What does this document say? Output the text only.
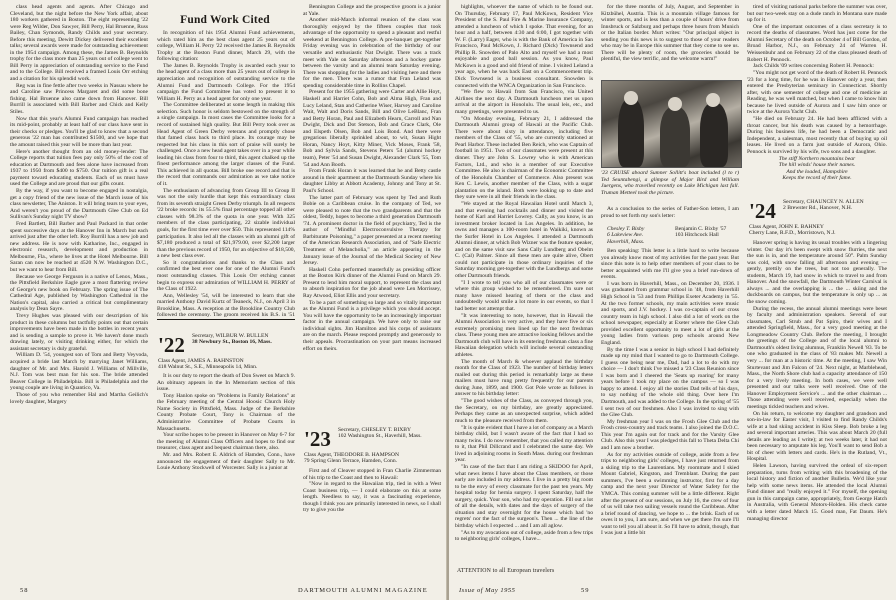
class head agents and agents. After Chicago and Cleveland, but the night before the New York affair, about 180 workers gathered in Boston. The eight representing '22 were Reg Wilder, Don Sawyer, Bill Perry, Hal Bruenne, Russ Bailey, Chan Symonds, Randy Childs and your secretary. Before this meeting, Dewitt Dickey delivered their excellent talks; several awards were made for outstanding achievement in the 1954 campaign. Among these, the James B. Reynolds trophy for the class more than 25 years out of college went to Bill Perry in appreciation of outstanding service to the Fund and to the College. Bill received a framed Louis Orr etching and a citation for his splendid work.

Reg was in fine fettle after two weeks in Nassau where he and Caroline saw Princess Margaret and did some bone fishing. Hal Bruenne also came down from Hanover. Bill Burrill is associated with Bill Barber and Chick and Kelly Stiles.

Now that this year's Alumni Fund campaign has reached its mid-point, probably at least half of our class have sent in their checks or pledges. You'll be glad to know that a second generous '22 man has contributed $1500, and we hope that the amount raised this year will be more than last year.

Here's another thought from an old money-lender: The College reports that tuition fees pay only 50% of the cost of education at Dartmouth and fees alone have increased from 1937 to 1950 from $400 to $750. Our tuition gift is a real payment toward educating students. Each of us must have used the College and are proud that our gifts count.

By the way, if you want to become engaged in nostalgia, get a copy friend of the new issue of the March issue of his class newsletter, The Aniston. It will bring tears to your eyes, And weren't you proud of the Dartmouth Glee Club on Ed Sullivan's Sunday night TV show?

Fred Bartlett, Bill Barber and Paul Packard in that order spent successive days at the Hanover Inn in March but each arrived just after the other left. Roy Burrill has a new job and new address. He is now with Katharine, Inc., engaged in electronic research, development and production in Melbourne, Fla., where he lives at the Hotel Melbourne. Bill Saran can now be reached at 4520 N.W. Washington D.C., but we want to hear from Bill.

Because we George Ferguson is a native of Lenox, Mass., the Pittsfield Berkshire Eagle gave a most flattering review of George's new book on February. The spring issue of The Cathedral Age, published by Washington Cathedral in the Nation's capital, also carried a critical but complimentary analysis by Dean Sayre.

Trevy Hughes was pleased with our description of his product in these columns but tactfully points out that certain improvements have been made in the bottles in recent years and is sending a sample to prove it. We haven't done much drawing lately, or visiting drinking either, for which the assistant secretary is duly grateful.

William D. '54, youngest son of Tom and Betty Veyvoda, acquired a bride last March by marrying Janet Williams, daughter of Mr. and Mrs. Harold J. Williams of Millville, N.J. Tom was best man for his son. The bride attended Beaver College in Philadelphia. Bill is Philadelphia and the young couple are living in Quantico, Va.

Those of you who remember Hal and Martha Geilich's lovely daughter, Margery

Fund Work Cited

In recognition of his 1954 Alumni Fund achievements, which rated him as the best class agent 25 years out of college, William H. Perry '22 received the James B. Reynolds Trophy at the Boston Fund dinner, March 29, with the following citation:

The James B. Reynolds Trophy is awarded each year to the head agent of a class more than 25 years out of college in appreciation and recognition of outstanding service to the Alumni Fund and Dartmouth College. For the 1954 campaign the Fund Committee has voted to present it to William H. Perry as a head agent for only one year.

The Committee deliberated at some length in making this selection. Such honor is seldom bestowed on the strength of a single campaign. In most cases the Committee looks for a record of sustained high quality. But Bill Perry took over as Head Agent of Green Derby veterans and promptly chose that famed class back to third place. Its courage may be respected but his class in this sort of praise will surely be challenged. Once a new head agent takes over in a year while leading his class from four to third, this agent chalked up the finest performance among the larger classes of the Fund. This achieved in all quotas. Bill broke one record and that is the record that commands our admiration as we take notice of it.

The enthusiasm of advancing from Group III to Group II was not the only hurdle that kept this extraordinary class from its seventh straight Green Derby triumph. In all respects '22 broke records: its 55.5% final percentage topped all other classes with 98.3% of the quota in one year. With 325 members of the class participating, 22 sizable individual goals, for the first time ever over $50. This represented 114% participation. It also led all the classes with an alumni gift of $7,180 produced a total of $21,979.00, over $2,200 larger than the previous record of 1950, for an objective of $18,500, a new best class ever.

So it congratulations and thanks to the Class and confirmed the best ever one for one of the Alumni Fund's most outstanding classes. This Louis Orr etching cannot begin to express our admiration of WILLIAM H. PERRY of the Class of 1922.

Ann, Wellesley '54, will be interested to learn that she married Anthony David Kurtz of Teaneck, N.J., on April 3 in Brookline, Mass. A reception at the Brookline Country Club followed the ceremony. The groom received his B.S. in '51

'22 Secretary, WILBUR W. BULLEN
38 Newbury St., Boston 16, Mass.
Class Agent, JAMES A. BAHNSTON
418 Walnut St., S.E., Minneapolis 14, Minn.

It is our duty to report the death of Don Sweet on March 9. An obituary appears in the In Memoriam section of this issue.

Tony Hanlon spoke on "Problems in Family Relations" at the February meeting of the Central Hoosic Church Holy Name Society in Pittsfield, Mass. Judge of the Berkshire County Probate Court, Tony is Chairman of the Administrative Committee of Probate Courts in Massachusetts.

Your scribe hopes to be present in Hanover on May 6-7 for the meeting of Alumni Class Officers and hopes to find our treasurer, class agent and bequest chairman there, also.

Mr. and Mrs. Robert E. Aldrich of Hamden, Conn., have announced the engagement of their daughter Sally to Mr. Louie Anthony Stockwell of Worcester. Sally is a junior at

Bennington College and the prospective groom is a junior at Yale.

Another mid-March informal reunion of the class was thoroughly enjoyed by the fifteen couples that took advantage of the opportunity to spend a pleasant and restful weekend at Bennington College. A pre-banquet get-together Friday evening was in celebration of the birthday of our versatile and enthusiastic Nat Dwight. There was a track meet with Yale on Saturday afternoon and a hockey game between the varsity and an alumni team Saturday evening. There was shopping for the ladies and visiting here and there for the men. There was a rumor that Fran Leland was spending considerable time in Rollins Chapel.

Present for the 1955 gathering were Carter and Allie Hoyt, Haskell and Harriet Cohn, Bob and Alma High, Fran and Lucy Leland, Stan and Catherine Wiser, Harvey and Caroline Wait, Walt and Doris Sands, Bill and Olive LeBlanc, Fran and Betty Horan, Paul and Elizabeth Hearn, Carroll and Nan Dwight, Dick and Dot Stetson, Bob and Grace Clark, Ole and Elspeth Olsen, Bob and Lois Bond. And there were gregarious liberally sprinkled about, to wit, Susan Hight Horan, Nancy Hoyt, Kitty Miner, Vick Moses, Frank '58, Bob and Sylvia Sands, Stevens Peters '54 (alumni hockey team), Peter '54 and Susan Dwight, Alexander Clark '55, Tom '54 and Ann Booth.

From Frank Horan it was learned that he and Betty castle around in their apartment at the Dartmouth Sunday where his daughter Libby at Abbott Academy, Johnny and Tony at St. Paul's School.

The latter part of February was spent by Ted and Ruth Bobie on a Caribbean cruise. In the company of Ted, we were pleased to note that the two grandparents and that the oldest, Teddy, hopes to become a third generation Dartmouth '74. A prominent doctor in the field of psychiatry, Ted is the author of "Mindful Electroconvulsive Therapy for Barbiturate Poisoning," a paper presented at a recent meeting of the American Research Association, and of "Safe Electric Treatment of Melancholia," an article appearing in the January issue of the Journal of the Medical Society of New Jersey.

Haskell Cohn performed masterfully as presiding officer at the Boston Kirk dinner of the Alumni Fund on March 29. Present to lend him moral support, to represent the class and to absorb inspiration for the job ahead were Len Morrissey, Ray Atwood, Eliot Ellis and your secretary.

To be a part of something so large and so vitally important as the Alumni Fund is a privilege which you should accept. You will have the opportunity to be an increasingly important factor in the annual campaign. We have only to raise our individual sights. Jim Hamilton and his corps of assistants are on the march. Please respond promptly and generously to their appeals. Procrastination on your part means increased effort on theirs.

'23 Secretary, CHESLEY T. BIXBY
102 Washington St., Haverhill, Mass.
Class Agent, THEODORE B. HAMPSON
79 Spring Glenn Terrace, Hamden, Conn.

First and of Cleaver stopped in Fran Charlie Zimmerman of his trip to the Coast and then to Hawaii:

"Now in regard to the Hawaiian trip, tied in with a West Coast business trip, — I could elaborate on this at some length. Needless to say, it was a fascinating experience, though I think you are primarily interested in news, so I shall try to give you the

58	DARTMOUTH ALUMNI MAGAZINE

highlights, whoever the name of which to be found out. On Thursday, February 17, Paul McKown, Resident Vice President of the S. Paul Fire & Marine Insurance Company, attended a luncheon of which I spoke. That evening, for an hour and a half, between 4:30 and 6:00, I got together with W. F. (Larry) Eager, who is with the Bank of America in San Francisco, Paul McKown, J. Richard (Dick) Townsend and Phillip R. Snowden of Palo Alto and myself we had a most enjoyable and good ball session. As you know, Paul McKown is a good and old friend of mine. I visited Leland a year ago, when he was back East on a Commencement trip. Dick Townsend is a business consultant. Snowden is connected with the WNCA Organization in San Francisco.

"We flew to Hawaii from San Francisco, via United Airlines the next day. A Dartmouth luncheon met us upon arrival at the airport in Honolulu. The usual leis, etc., and many greetings, were presented to us.

"On Monday evening, February 21, I addressed the Dartmouth Alumni group of Hawaii at the Pacific Club. There were about sixty in attendance, including five members of the Class of '55, who are currently stationed at Pearl Harbor. These included Ben Reich, who was Captain of football in 1951. Two of our classmates were present at this dinner. They are John S. Lowrey who is with American Factors, Ltd., and who is a member of our Executive Committee. He also is chairman of the Economic Committee of the Honolulu Chamber of Commerce. Also present was Ken C. Lewis, another member of the Class, with a sugar plantation on the island. Both were looking up to date and they sure were in all their friends in the class.

"We stayed at the Royal Hawaiian Hotel until March 3, and that evening had cocktails and dinner and visited the home of Karl and Harriet Lowrey. Cally, as you know, is an investment broker located in Los Angeles. In addition, he owns and manages a 100-room hotel in Waikiki, known as the Surfer Hotel in Los Angeles. I attended a Dartmouth Alumni dinner, at which Bob Wizner was the feature speaker, and on the same visit saw Sans Cally Lundberg and Obelm C. (Cal) Palmer. Since all these men are quite alive, Obert could not participate in those ordinary inquiries of the Saturday morning get-together with the Lundbergs and some other Dartmouth friends.

"I I wrote to tell you who all of our classmates were or where this group wished to be remembered. I'm sure not many have missed hearing of them or the class and undoubtedly would smile a lot more in our events, so that I had better not attempt that.

"It was interesting to note, however, that in Hawaii the Alumni Association is very active, and they have five or six extremely promising men lined up for the next freshman class. These young men are attractive looking fellows and the Dartmouth club will have in its entering freshman class a fine Hawaiian delegation which will include several outstanding athletes.

The month of March & whoever applaud the birthday month for the Class of 1923. The number of birthday letters mailed out during this period is remarkably large as these mailers must have rung pretty frequently for our parents during June, 1899, and 1900. Got Pole wrote as follows in answer to his birthday letter:

"The good wishes of the Class, as conveyed through you, the Secretary, on my birthday, are greatly appreciated. Perhaps they came as an unexpected surprise, which added much to the pleasure received from them.

"It is quite evident that I have a lot of company as a March birthday child, but I wasn't aware of the fact that I had so many twins. I do now remember, that you called my attention to it, that Phil Dillcrand and I celebrated the same day. We lived in adjoining rooms in South Mass. during our freshman year.

"In case of the fact that I am riding a SKIDOO for April, what news items I have about the Class members, or those early are included in my address. I live in a pretty big room to be the envy of every classmate for the past ten years. My hospital today for hernia surgery. I spent Saturday, half the surgery, quick. Your son, who had my operation. Fill out a lot of all the details, with dates and the days of surgery of the situation and stay overnight for the house which had 'no regrets' nor the fact of the surgeon's. Then ... the line of the birthday which I expected ... and I am all aglow.

"As to my avocations out of college, aside from a few trips to neighboring girls' colleges, I have...

ATTENTION to all European travelers
Issue of May 1955	59

for the three months of July, August, and September in Kitzbühel, Austria. This is a mountain village famous for winter sports, and is less than a couple of hours' drive from Innsbruck or Salzburg and perhaps three hours from Munich or the Italian border. Murt writes: "Our principal object in sending you this news is to suggest to those of your readers who may be in Europe this summer that they come to see us. There will be plenty of room, the groceries should be plentiful, the view terrific, and the welcome warm!"

'23 CRUISE aboard Sumner Sollitt's boat included (l to r) Ted Seuntabengi, a glimpse of Major Bird and William Juergens, who travelled recently on Lake Michigan last fall. Truman Metteel took the picture.

As a conclusion to the series of Father-Son letters, I am proud to set forth my son's letter:

Chesley T. Bixby
6 Lakeview Ave.
Haverhill, Mass.
Benjamin C. Bixby '57
103 Hitchcock Hall

Ben speaking: This letter is a little hard to write because you already know most of my activities for the past year. But since this note is to help other members of your class to be better acquainted with me I'll give you a brief run-down of events.

I was born in Haverhill, Mass., on December 20, 1936. I was graduated from grammar school in '48, from Haverhill High School in '53 and from Phillips Exeter Academy in '55. At the two former schools, my main activities were music and sports, and J.V. hockey. I was co-captain of our cross country team in high school. I also did a lot of work on the school newspaper, especially at Exeter where the Glee Club provided excellent opportunity to meet a lot of girls at the young ladies from various prep schools around New England.

By the time I was a senior in high school I had definitely made up my mind that I wanted to go to Dartmouth College. I guess one being near me, Dad, had a lot to do with my choice — I don't think I've missed a '23 Class Reunion since I was born and I cheered the 'Seats up roaring' for many years before I took my place on the campus — so I was happy to attend. I enjoy all the stories Dad tells of his days, to say nothing of the whole old thing. Over here I'm Dartmouth, and was added to the College. In the spring of '55 I sent two of our freshmen. Also I was invited to sing with the Glee Club.

My freshman year I was on the Frosh Glee Club and the Frosh cross-country and track teams. I also joined the D.O.C. This year I'm again out for track and for the Varsity Glee Club. Also this year I was pledged this fall to Theta Delta Chi and I am now a brother.

As for my activities outside of college, aside from a few trips to neighboring girls' colleges, I have just returned from a skiing trip to the Laurentians. My roommate and I skied Mount Gabriel, Kingston, and Tremblant. During the past summers, I've been a swimming instructor, first for a day camp and the next year Director of Water Safety for the YMCA. This coming summer will be a little different. Right after the present of our sessions, on July 16, the crew of four of us will take two sailing vessels round the Caribbean. After a brief round of dancing, we hope to ... the brink. Each of us owes it to you, I am sure, and when we get there I'm sure I'll want to tell you all about it. So I'll have to admit, though, that I was just a little bit

tired of visiting national parks before the summer was over, but our two-week stay on a dude ranch in Montana sure made up for it.

One of the important outcomes of a class secretary is to record the deaths of classmates. Word has just come for the Alumni Secretary of the death on October 4 of Bill Gordon, of Broad Harbor, N.J., on February 24 of Warren H. Weissenbuhr and on February 22 of the class pleased death of Robert H. Pennock.

Jack Childs '09 writes concerning Robert H. Pennock:

"You might not get word of the death of Robert H. Pennock '23 for a long time, for he was in Hanover only a year, then entered the Presbyterian seminary in Connecticut. Shortly after, with one semester of college and one of medicine at Reading, he was well matched, but when I came to know him because he lived outside of Aurora and I saw him once or twice at the Aurora Yacht Club.

"He died on February 24. He had been afflicted with a throat cancer, but his death was caused by a hemorrhage. During his business life, he had been a Democratic and Independent, a salesman, most recently that of buying up oil leases. He lived on a farm just outside of Aurora, Ohio. Pennock is survived by his wife, two sons and a daughter.

The stiff Northern mountains bear
The hill winds' house their names.
And the loaded, Hampshire
Keeps the record of their fame.

'24 Secretary, CHAUNCEY N. ALLEN
2 Brewster Rd., Hanover, N.H.
Class Agent, JOHN E. BAHNEY
Cherry Lane, R.F.D., Morristown, N.J.

Hanover spring is having its usual troubles with a lingering winter. Our day it's been swept with snow flurries, the next the sun is in, and the temperature around 50°. Palm Sunday was cold, with snow falling all afternoon and evening — gently, prettily on the trees, but not too generally. The students, March 19, had snow in which to travel to and from Hanover. And the snowfall, the Dartmouth Winter Carnival is always ... and the overlapping is ... the ... skiing and the duckboards on campus, but the temperature is only up ... as the snow coming.

During the recess, the annual alumni meetings were beset by faculty and administration speakers. Several of our classmates, Carl Strub and Pat Spiro, their wives and I attended Springfield, Mass., for a very good meeting at the Longmeadow Country Club. Before the meeting, I brought the greetings of the College and of the local alumni to Dartmouth's oldest living alumnus, Franklin Newell '83. To be one who graduated in the class of '83 makes Mr. Newell a very ... for man at a historic time. At the meeting, I saw Win Sturtevant and Jim Falcon of '24. Next night, at Marblehead, Mass., the North Shore club had a capacity attendance of 150 for a very lively meeting. In both cases, we were well presented and our talks were well received. One of the Hanover Employment Service's ... and the other chairman ... Those attending were well received, especially when the meetings tickled teachers and wives.

On his return, to welcome my daughter and grandson and son-in-law for Easter visit, I visited to find Randy Childs's wife at a bad skiing accident in Kiss Sleep. Bob broke a leg and several important arteries. This was about March 20 (full details are leading as I write); at two weeks later, it had not been necessary to amputate his leg. You'll want to send Bob a bit of cheer with letters and cards. He's in the Rutland, Vt., Hospital.

Helen Lawson, having survived the ordeal of six-report preparation, turns from writing with this broadening of the local history and fiction of another Bulletin. We'd like your help with some news items. He attended the local Alumni Fund dinner and "really enjoyed it." For myself, the opening gun in this campaign came, appropriately, from George Hatch in Australia, with General Motors-Holden. His check came with a letter dated March 15. Good man, Fat Daum. He's managing director
